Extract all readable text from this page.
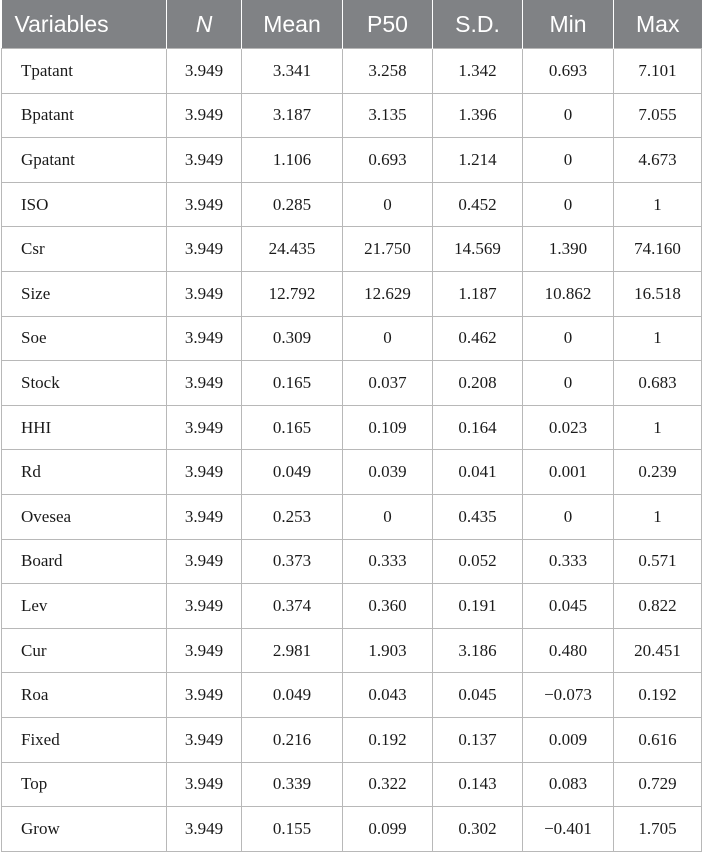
Variables	N	Mean	P50	S.D.	Min	Max
Tpatant	3.949	3.341	3.258	1.342	0.693	7.101
Bpatant	3.949	3.187	3.135	1.396	0	7.055
Gpatant	3.949	1.106	0.693	1.214	0	4.673
ISO	3.949	0.285	0	0.452	0	1
Csr	3.949	24.435	21.750	14.569	1.390	74.160
Size	3.949	12.792	12.629	1.187	10.862	16.518
Soe	3.949	0.309	0	0.462	0	1
Stock	3.949	0.165	0.037	0.208	0	0.683
HHI	3.949	0.165	0.109	0.164	0.023	1
Rd	3.949	0.049	0.039	0.041	0.001	0.239
Ovesea	3.949	0.253	0	0.435	0	1
Board	3.949	0.373	0.333	0.052	0.333	0.571
Lev	3.949	0.374	0.360	0.191	0.045	0.822
Cur	3.949	2.981	1.903	3.186	0.480	20.451
Roa	3.949	0.049	0.043	0.045	−0.073	0.192
Fixed	3.949	0.216	0.192	0.137	0.009	0.616
Top	3.949	0.339	0.322	0.143	0.083	0.729
Grow	3.949	0.155	0.099	0.302	−0.401	1.705
